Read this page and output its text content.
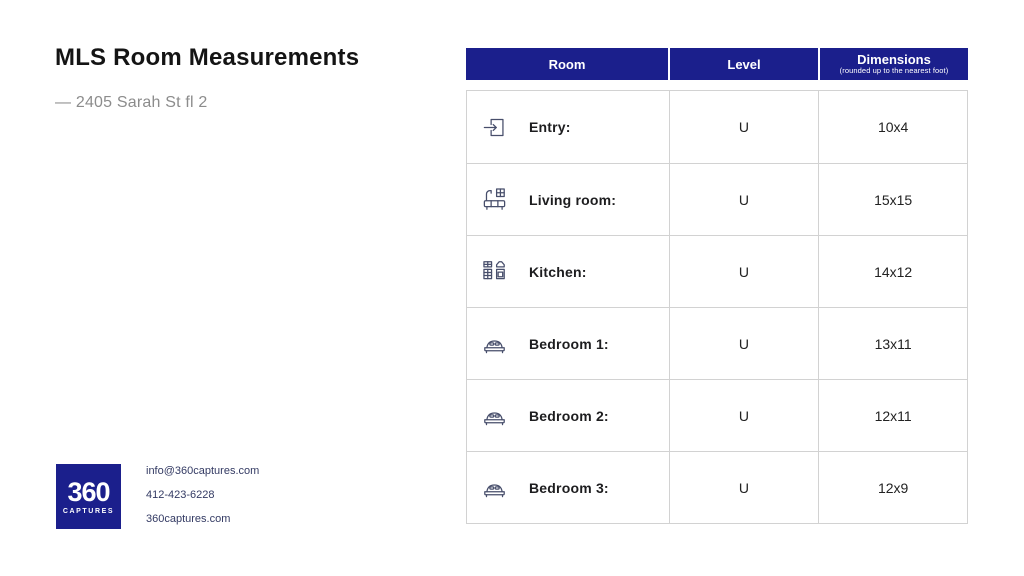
MLS Room Measurements
— 2405 Sarah St fl 2
Room	Level	Dimensions
(rounded up to the nearest foot)
Entry:	U	10x4
Living room:	U	15x15
Kitchen:	U	14x12
Bedroom 1:	U	13x11
Bedroom 2:	U	12x11
Bedroom 3:	U	12x9
360
CAPTURES
info@360captures.com
412-423-6228
360captures.com
